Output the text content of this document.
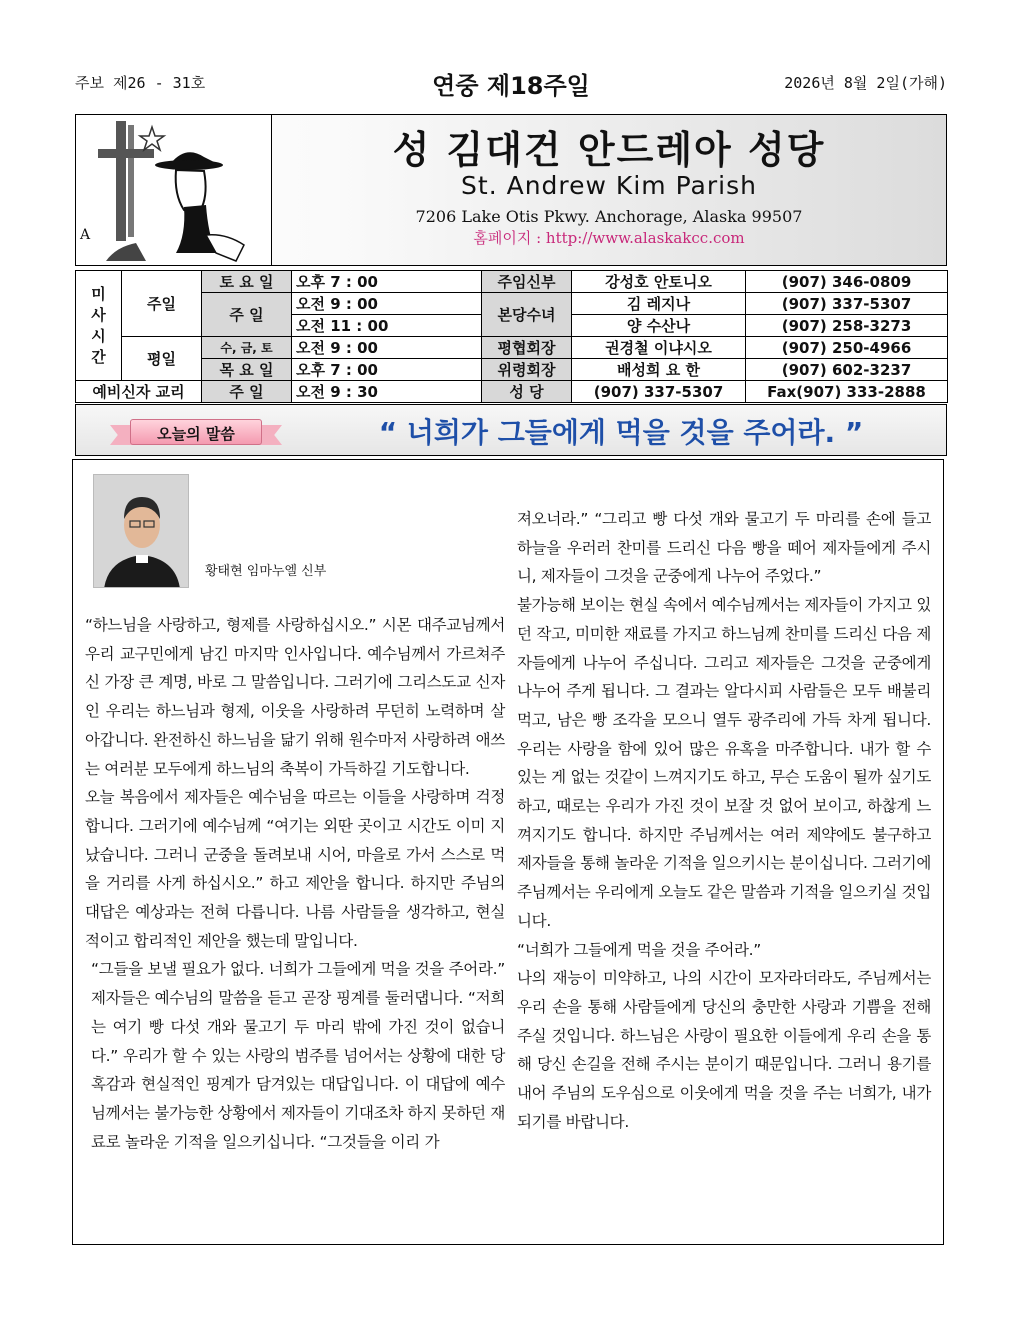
주보 제26 - 31호	연중 제18주일	2026년 8월 2일(가해)
A
성 김대건 안드레아 성당
St. Andrew Kim Parish
7206 Lake Otis Pkwy. Anchorage, Alaska 99507
홈페이지 : http://www.alaskakcc.com
미
사
시
간	주일	토 요 일	오후 7 : 00	주임신부	강성호 안토니오	(907) 346-0809
		주 일	오전 9 : 00	본당수녀	김 레지나	(907) 337-5307
			오전 11 : 00		양 수산나	(907) 258-3273
	평일	수, 금, 토	오전 9 : 00	평협회장	권경철 이냐시오	(907) 250-4966
		목 요 일	오후 7 : 00	위령회장	배성희 요 한	(907) 602-3237
예비신자 교리		주 일	오전 9 : 30	성 당	(907) 337-5307	Fax(907) 333-2888
오늘의 말씀	“ 너희가 그들에게 먹을 것을 주어라. ”
황태현 임마누엘 신부

“하느님을 사랑하고, 형제를 사랑하십시오.” 시몬 대주교님께서 우리 교구민에게 남긴 마지막 인사입니다. 예수님께서 가르쳐주신 가장 큰 계명, 바로 그 말씀입니다. 그러기에 그리스도교 신자인 우리는 하느님과 형제, 이웃을 사랑하려 무던히 노력하며 살아갑니다. 완전하신 하느님을 닮기 위해 원수마저 사랑하려 애쓰는 여러분 모두에게 하느님의 축복이 가득하길 기도합니다.

오늘 복음에서 제자들은 예수님을 따르는 이들을 사랑하며 걱정합니다. 그러기에 예수님께 “여기는 외딴 곳이고 시간도 이미 지났습니다. 그러니 군중을 돌려보내 시어, 마을로 가서 스스로 먹을 거리를 사게 하십시오.” 하고 제안을 합니다. 하지만 주님의 대답은 예상과는 전혀 다릅니다. 나름 사람들을 생각하고, 현실적이고 합리적인 제안을 했는데 말입니다.

“그들을 보낼 필요가 없다. 너희가 그들에게 먹을 것을 주어라.” 제자들은 예수님의 말씀을 듣고 곧장 핑계를 둘러댑니다. “저희는 여기 빵 다섯 개와 물고기 두 마리 밖에 가진 것이 없습니다.” 우리가 할 수 있는 사랑의 범주를 넘어서는 상황에 대한 당혹감과 현실적인 핑계가 담겨있는 대답입니다. 이 대답에 예수님께서는 불가능한 상황에서 제자들이 기대조차 하지 못하던 재료로 놀라운 기적을 일으키십니다. “그것들을 이리 가

져오너라.” “그리고 빵 다섯 개와 물고기 두 마리를 손에 들고 하늘을 우러러 찬미를 드리신 다음 빵을 떼어 제자들에게 주시니, 제자들이 그것을 군중에게 나누어 주었다.”

불가능해 보이는 현실 속에서 예수님께서는 제자들이 가지고 있던 작고, 미미한 재료를 가지고 하느님께 찬미를 드리신 다음 제자들에게 나누어 주십니다. 그리고 제자들은 그것을 군중에게 나누어 주게 됩니다. 그 결과는 알다시피 사람들은 모두 배불리 먹고, 남은 빵 조각을 모으니 열두 광주리에 가득 차게 됩니다. 우리는 사랑을 함에 있어 많은 유혹을 마주합니다. 내가 할 수 있는 게 없는 것같이 느껴지기도 하고, 무슨 도움이 될까 싶기도 하고, 때로는 우리가 가진 것이 보잘 것 없어 보이고, 하찮게 느껴지기도 합니다. 하지만 주님께서는 여러 제약에도 불구하고 제자들을 통해 놀라운 기적을 일으키시는 분이십니다. 그러기에 주님께서는 우리에게 오늘도 같은 말씀과 기적을 일으키실 것입니다.

“너희가 그들에게 먹을 것을 주어라.”

나의 재능이 미약하고, 나의 시간이 모자라더라도, 주님께서는 우리 손을 통해 사람들에게 당신의 충만한 사랑과 기쁨을 전해 주실 것입니다. 하느님은 사랑이 필요한 이들에게 우리 손을 통해 당신 손길을 전해 주시는 분이기 때문입니다. 그러니 용기를 내어 주님의 도우심으로 이웃에게 먹을 것을 주는 너희가, 내가 되기를 바랍니다.
